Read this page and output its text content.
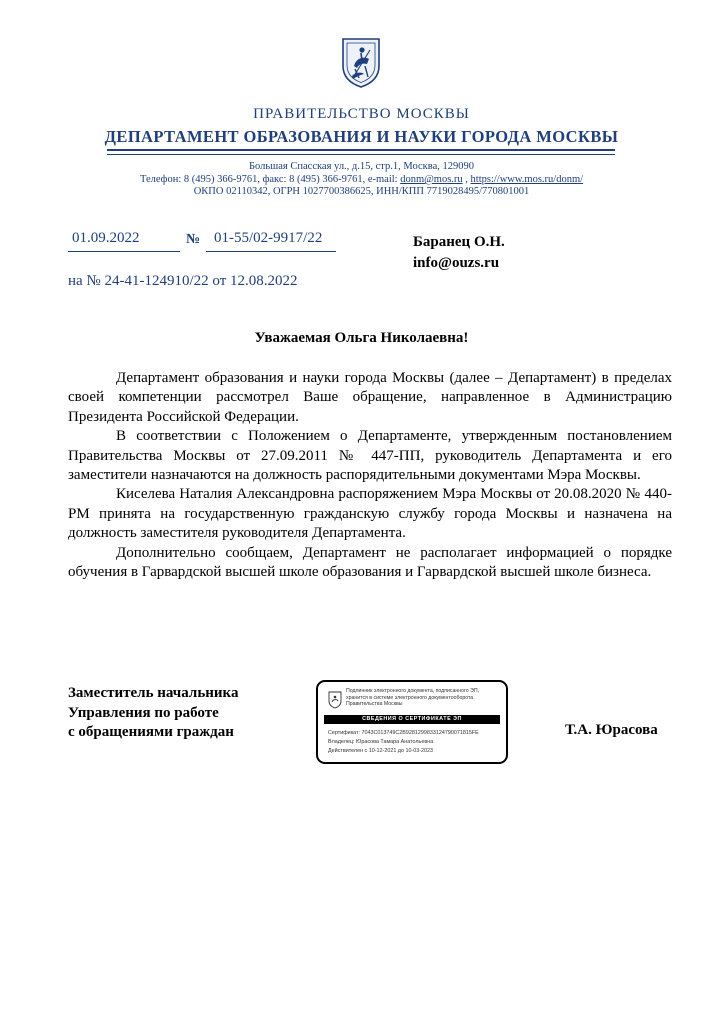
ПРАВИТЕЛЬСТВО МОСКВЫ
ДЕПАРТАМЕНТ ОБРАЗОВАНИЯ И НАУКИ ГОРОДА МОСКВЫ
Большая Спасская ул., д.15, стр.1, Москва, 129090
Телефон: 8 (495) 366-9761, факс: 8 (495) 366-9761, e-mail: donm@mos.ru , https://www.mos.ru/donm/
ОКПО 02110342, ОГРН 1027700386625, ИНН/КПП 7719028495/770801001
01.09.2022	№ 01-55/02-9917/22
на № 24-41-124910/22 от 12.08.2022
Баранец О.Н.
info@ouzs.ru
Уважаемая Ольга Николаевна!

Департамент образования и науки города Москвы (далее – Департамент) в пределах своей компетенции рассмотрел Ваше обращение, направленное в Администрацию Президента Российской Федерации.

В соответствии с Положением о Департаменте, утвержденным постановлением Правительства Москвы от 27.09.2011 № 447-ПП, руководитель Департамента и его заместители назначаются на должность распорядительными документами Мэра Москвы.

Киселева Наталия Александровна распоряжением Мэра Москвы от 20.08.2020 № 440-РМ принята на государственную гражданскую службу города Москвы и назначена на должность заместителя руководителя Департамента.

Дополнительно сообщаем, Департамент не располагает информацией о порядке обучения в Гарвардской высшей школе образования и Гарвардской высшей школе бизнеса.

Заместитель начальника
Управления по работе
с обращениями граждан	Т.А. Юрасова
Подлинник электронного документа, подписанного ЭП,
хранится в системе электронного документооборота
Правительства Москвы
СВЕДЕНИЯ О СЕРТИФИКАТЕ ЭП
Сертификат: 7043C013749C2B9281299833124790071815FE
Владелец: Юрасова Тамара Анатольевна
Действителен с 10-12-2021 до 10-03-2023
